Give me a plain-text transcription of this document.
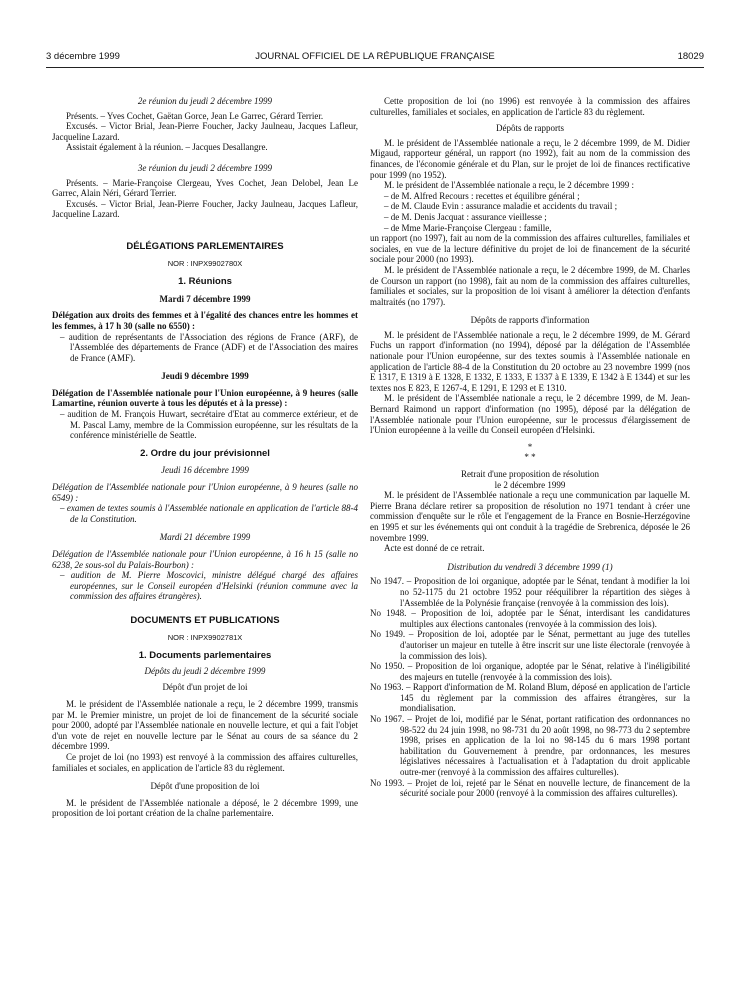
3 décembre 1999	JOURNAL OFFICIEL DE LA RÉPUBLIQUE FRANÇAISE	18029

2e réunion du jeudi 2 décembre 1999

Présents. – Yves Cochet, Gaëtan Gorce, Jean Le Garrec, Gérard Terrier.

Excusés. – Victor Brial, Jean-Pierre Foucher, Jacky Jaulneau, Jacques Lafleur, Jacqueline Lazard.

Assistait également à la réunion. – Jacques Desallangre.

3e réunion du jeudi 2 décembre 1999

Présents. – Marie-Françoise Clergeau, Yves Cochet, Jean Delobel, Jean Le Garrec, Alain Néri, Gérard Terrier.

Excusés. – Victor Brial, Jean-Pierre Foucher, Jacky Jaulneau, Jacques Lafleur, Jacqueline Lazard.

DÉLÉGATIONS PARLEMENTAIRES

NOR : INPX9902780X

1. Réunions

Mardi 7 décembre 1999

Délégation aux droits des femmes et à l'égalité des chances entre les hommes et les femmes, à 17 h 30 (salle no 6550) :

– audition de représentants de l'Association des régions de France (ARF), de l'Assemblée des départements de France (ADF) et de l'Association des maires de France (AMF).

Jeudi 9 décembre 1999

Délégation de l'Assemblée nationale pour l'Union européenne, à 9 heures (salle Lamartine, réunion ouverte à tous les députés et à la presse) :

– audition de M. François Huwart, secrétaire d'Etat au commerce extérieur, et de M. Pascal Lamy, membre de la Commission européenne, sur les résultats de la conférence ministérielle de Seattle.

2. Ordre du jour prévisionnel

Jeudi 16 décembre 1999

Délégation de l'Assemblée nationale pour l'Union européenne, à 9 heures (salle no 6549) :

– examen de textes soumis à l'Assemblée nationale en application de l'article 88-4 de la Constitution.

Mardi 21 décembre 1999

Délégation de l'Assemblée nationale pour l'Union européenne, à 16 h 15 (salle no 6238, 2e sous-sol du Palais-Bourbon) :

– audition de M. Pierre Moscovici, ministre délégué chargé des affaires européennes, sur le Conseil européen d'Helsinki (réunion commune avec la commission des affaires étrangères).

DOCUMENTS ET PUBLICATIONS

NOR : INPX9902781X

1. Documents parlementaires

Dépôts du jeudi 2 décembre 1999

Dépôt d'un projet de loi

M. le président de l'Assemblée nationale a reçu, le 2 décembre 1999, transmis par M. le Premier ministre, un projet de loi de financement de la sécurité sociale pour 2000, adopté par l'Assemblée nationale en nouvelle lecture, et qui a fait l'objet d'un vote de rejet en nouvelle lecture par le Sénat au cours de sa séance du 2 décembre 1999.

Ce projet de loi (no 1993) est renvoyé à la commission des affaires culturelles, familiales et sociales, en application de l'article 83 du règlement.

Dépôt d'une proposition de loi

M. le président de l'Assemblée nationale a déposé, le 2 décembre 1999, une proposition de loi portant création de la chaîne parlementaire.

Cette proposition de loi (no 1996) est renvoyée à la commission des affaires culturelles, familiales et sociales, en application de l'article 83 du règlement.

Dépôts de rapports

M. le président de l'Assemblée nationale a reçu, le 2 décembre 1999, de M. Didier Migaud, rapporteur général, un rapport (no 1992), fait au nom de la commission des finances, de l'économie générale et du Plan, sur le projet de loi de finances rectificative pour 1999 (no 1952).

M. le président de l'Assemblée nationale a reçu, le 2 décembre 1999 :

– de M. Alfred Recours : recettes et équilibre général ;

– de M. Claude Evin : assurance maladie et accidents du travail ;

– de M. Denis Jacquat : assurance vieillesse ;

– de Mme Marie-Françoise Clergeau : famille,

un rapport (no 1997), fait au nom de la commission des affaires culturelles, familiales et sociales, en vue de la lecture définitive du projet de loi de financement de la sécurité sociale pour 2000 (no 1993).

M. le président de l'Assemblée nationale a reçu, le 2 décembre 1999, de M. Charles de Courson un rapport (no 1998), fait au nom de la commission des affaires culturelles, familiales et sociales, sur la proposition de loi visant à améliorer la détection d'enfants maltraités (no 1797).

Dépôts de rapports d'information

M. le président de l'Assemblée nationale a reçu, le 2 décembre 1999, de M. Gérard Fuchs un rapport d'information (no 1994), déposé par la délégation de l'Assemblée nationale pour l'Union européenne, sur des textes soumis à l'Assemblée nationale en application de l'article 88-4 de la Constitution du 20 octobre au 23 novembre 1999 (nos E 1317, E 1319 à E 1328, E 1332, E 1333, E 1337 à E 1339, E 1342 à E 1344) et sur les textes nos E 823, E 1267-4, E 1291, E 1293 et E 1310.

M. le président de l'Assemblée nationale a reçu, le 2 décembre 1999, de M. Jean-Bernard Raimond un rapport d'information (no 1995), déposé par la délégation de l'Assemblée nationale pour l'Union européenne, sur le processus d'élargissement de l'Union européenne à la veille du Conseil européen d'Helsinki.

*

* *

Retrait d'une proposition de résolution

le 2 décembre 1999

M. le président de l'Assemblée nationale a reçu une communication par laquelle M. Pierre Brana déclare retirer sa proposition de résolution no 1971 tendant à créer une commission d'enquête sur le rôle et l'engagement de la France en Bosnie-Herzégovine en 1995 et sur les événements qui ont conduit à la tragédie de Srebrenica, déposée le 26 novembre 1999.

Acte est donné de ce retrait.

Distribution du vendredi 3 décembre 1999 (1)

No 1947. – Proposition de loi organique, adoptée par le Sénat, tendant à modifier la loi no 52-1175 du 21 octobre 1952 pour rééquilibrer la répartition des sièges à l'Assemblée de la Polynésie française (renvoyée à la commission des lois).

No 1948. – Proposition de loi, adoptée par le Sénat, interdisant les candidatures multiples aux élections cantonales (renvoyée à la commission des lois).

No 1949. – Proposition de loi, adoptée par le Sénat, permettant au juge des tutelles d'autoriser un majeur en tutelle à être inscrit sur une liste électorale (renvoyée à la commission des lois).

No 1950. – Proposition de loi organique, adoptée par le Sénat, relative à l'inéligibilité des majeurs en tutelle (renvoyée à la commission des lois).

No 1963. – Rapport d'information de M. Roland Blum, déposé en application de l'article 145 du règlement par la commission des affaires étrangères, sur la mondialisation.

No 1967. – Projet de loi, modifié par le Sénat, portant ratification des ordonnances no 98-522 du 24 juin 1998, no 98-731 du 20 août 1998, no 98-773 du 2 septembre 1998, prises en application de la loi no 98-145 du 6 mars 1998 portant habilitation du Gouvernement à prendre, par ordonnances, les mesures législatives nécessaires à l'actualisation et à l'adaptation du droit applicable outre-mer (renvoyé à la commission des affaires culturelles).

No 1993. – Projet de loi, rejeté par le Sénat en nouvelle lecture, de financement de la sécurité sociale pour 2000 (renvoyé à la commission des affaires culturelles).
